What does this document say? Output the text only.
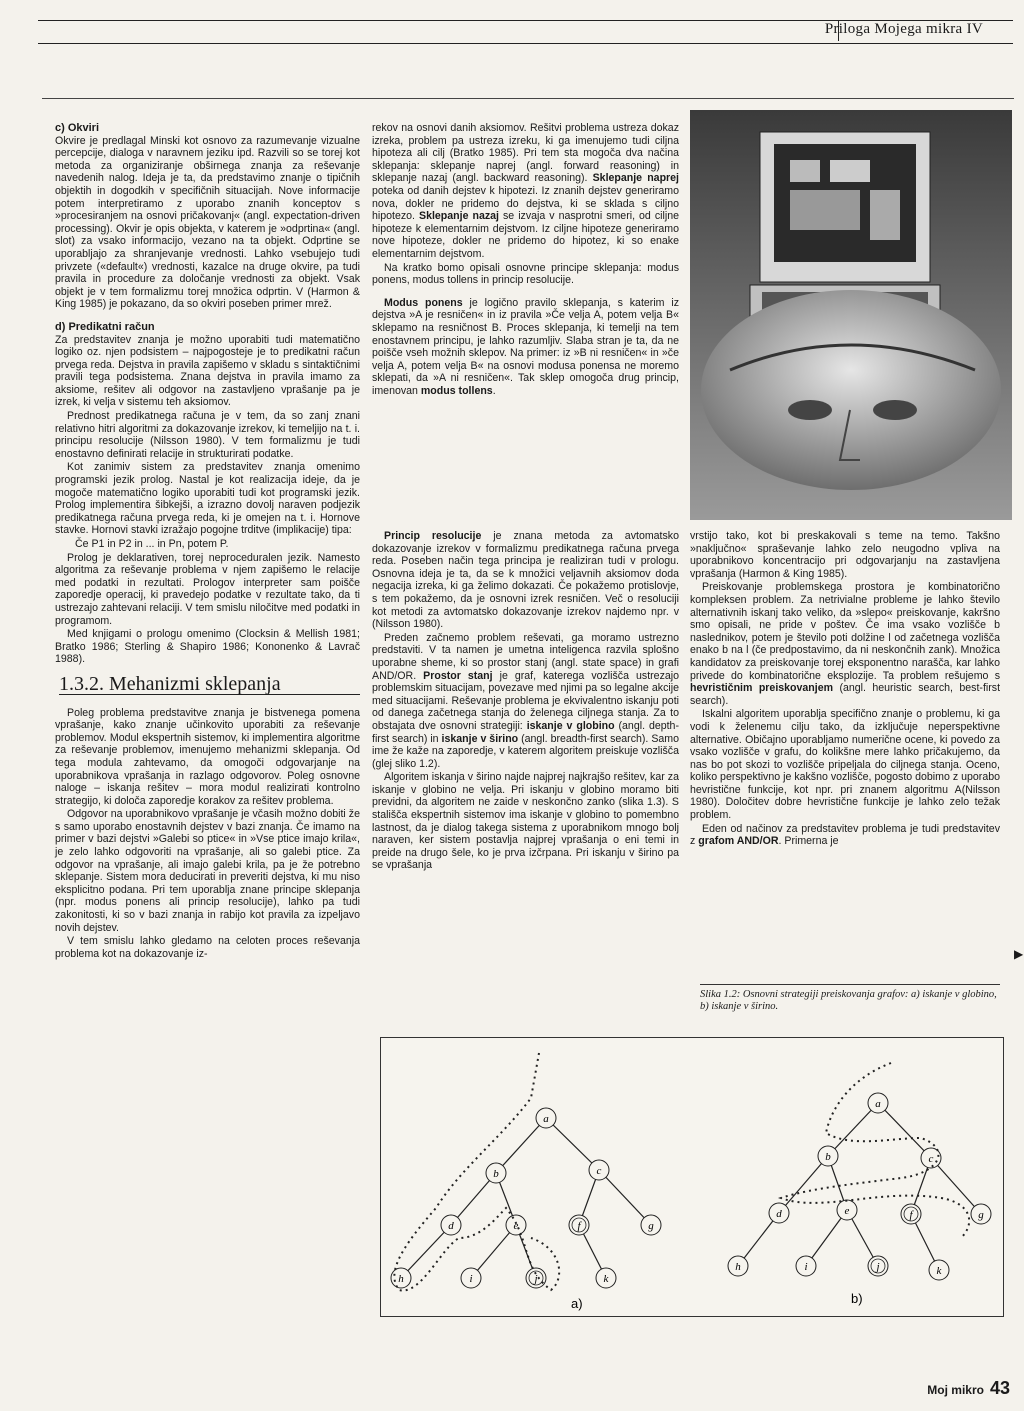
Priloga Mojega mikra IV
c) Okviri

Okvire je predlagal Minski kot osnovo za razumevanje vizualne percepcije, dialoga v naravnem jeziku ipd. Razvili so se torej kot metoda za organiziranje obširnega znanja za reševanje navedenih nalog. Ideja je ta, da predstavimo znanje o tipičnih objektih in dogodkih v specifičnih situacijah. Nove informacije potem interpretiramo z uporabo znanih konceptov s »procesiranjem na osnovi pričakovanj« (angl. expectation-driven processing). Okvir je opis objekta, v katerem je »odprtina« (angl. slot) za vsako informacijo, vezano na ta objekt. Odprtine se uporabljajo za shranjevanje vrednosti. Lahko vsebujejo tudi privzete («default«) vrednosti, kazalce na druge okvire, pa tudi pravila in procedure za določanje vrednosti za objekt. Vsak objekt je v tem formalizmu torej množica odprtin. V (Harmon & King 1985) je pokazano, da so okviri poseben primer mrež.

d) Predikatni račun

Za predstavitev znanja je možno uporabiti tudi matematično logiko oz. njen podsistem – najpogosteje je to predikatni račun prvega reda. Dejstva in pravila zapišemo v skladu s sintaktičnimi pravili tega podsistema. Znana dejstva in pravila imamo za aksiome, rešitev ali odgovor na zastavljeno vprašanje pa je izrek, ki velja v sistemu teh aksiomov.

Prednost predikatnega računa je v tem, da so zanj znani relativno hitri algoritmi za dokazovanje izrekov, ki temeljijo na t. i. principu resolucije (Nilsson 1980). V tem formalizmu je tudi enostavno definirati relacije in strukturirati podatke.

Kot zanimiv sistem za predstavitev znanja omenimo programski jezik prolog. Nastal je kot realizacija ideje, da je mogoče matematično logiko uporabiti tudi kot programski jezik. Prolog implementira šibkejši, a izrazno dovolj naraven podjezik predikatnega računa prvega reda, ki je omejen na t. i. Hornove stavke. Hornovi stavki izražajo pogojne trditve (implikacije) tipa:

Če P1 in P2 in ... in Pn, potem P.

Prolog je deklarativen, torej neproceduralen jezik. Namesto algoritma za reševanje problema v njem zapišemo le relacije med podatki in rezultati. Prologov interpreter sam poišče zaporedje operacij, ki pravedejo podatke v rezultate tako, da ti ustrezajo zahtevani relaciji. V tem smislu niločitve med podatki in programom.

Med knjigami o prologu omenimo (Clocksin & Mellish 1981; Bratko 1986; Sterling & Shapiro 1986; Kononenko & Lavrač 1988).

1.3.2. Mehanizmi sklepanja

Poleg problema predstavitve znanja je bistvenega pomena vprašanje, kako znanje učinkovito uporabiti za reševanje problemov. Modul ekspertnih sistemov, ki implementira algoritme za reševanje problemov, imenujemo mehanizmi sklepanja. Od tega modula zahtevamo, da omogoči odgovarjanje na uporabnikova vprašanja in razlago odgovorov. Poleg osnovne naloge – iskanja rešitev – mora modul realizirati kontrolno strategijo, ki določa zaporedje korakov za rešitev problema.

Odgovor na uporabnikovo vprašanje je včasih možno dobiti že s samo uporabo enostavnih dejstev v bazi znanja. Če imamo na primer v bazi dejstvi »Galebi so ptice« in »Vse ptice imajo krila«, je zelo lahko odgovoriti na vprašanje, ali so galebi ptice. Za odgovor na vprašanje, ali imajo galebi krila, pa je že potrebno sklepanje. Sistem mora deducirati in preveriti dejstva, ki mu niso eksplicitno podana. Pri tem uporablja znane principe sklepanja (npr. modus ponens ali princip resolucije), lahko pa tudi zakonitosti, ki so v bazi znanja in rabijo kot pravila za izpeljavo novih dejstev.

V tem smislu lahko gledamo na celoten proces reševanja problema kot na dokazovanje iz-

rekov na osnovi danih aksiomov. Rešitvi problema ustreza dokaz izreka, problem pa ustreza izreku, ki ga imenujemo tudi ciljna hipoteza ali cilj (Bratko 1985). Pri tem sta mogoča dva načina sklepanja: sklepanje naprej (angl. forward reasoning) in sklepanje nazaj (angl. backward reasoning). Sklepanje naprej poteka od danih dejstev k hipotezi. Iz znanih dejstev generiramo nova, dokler ne pridemo do dejstva, ki se sklada s ciljno hipotezo. Sklepanje nazaj se izvaja v nasprotni smeri, od ciljne hipoteze k elementarnim dejstvom. Iz ciljne hipoteze generiramo nove hipoteze, dokler ne pridemo do hipotez, ki so enake elementarnim dejstvom.

Na kratko bomo opisali osnovne principe sklepanja: modus ponens, modus tollens in princip resolucije.

Modus ponens je logično pravilo sklepanja, s katerim iz dejstva »A je resničen« in iz pravila »Če velja A, potem velja B« sklepamo na resničnost B. Proces sklepanja, ki temelji na tem enostavnem principu, je lahko razumljiv. Slaba stran je ta, da ne poišče vseh možnih sklepov. Na primer: iz »B ni resničen« in »če velja A, potem velja B« na osnovi modusa ponensa ne moremo sklepati, da »A ni resničen«. Tak sklep omogoča drug princip, imenovan modus tollens.

Princip resolucije je znana metoda za avtomatsko dokazovanje izrekov v formalizmu predikatnega računa prvega reda. Poseben način tega principa je realiziran tudi v prologu. Osnovna ideja je ta, da se k množici veljavnih aksiomov doda negacija izreka, ki ga želimo dokazati. Če pokažemo protislovje, s tem pokažemo, da je osnovni izrek resničen. Več o resoluciji kot metodi za avtomatsko dokazovanje izrekov najdemo npr. v (Nilsson 1980).

Preden začnemo problem reševati, ga moramo ustrezno predstaviti. V ta namen je umetna inteligenca razvila splošno uporabne sheme, ki so prostor stanj (angl. state space) in grafi AND/OR. Prostor stanj je graf, katerega vozlišča ustrezajo problemskim situacijam, povezave med njimi pa so legalne akcije med situacijami. Reševanje problema je ekvivalentno iskanju poti od danega začetnega stanja do želenega ciljnega stanja. Za to obstajata dve osnovni strategiji: iskanje v globino (angl. depth-first search) in iskanje v širino (angl. breadth-first search). Samo ime že kaže na zaporedje, v katerem algoritem preiskuje vozlišča (glej sliko 1.2).

Algoritem iskanja v širino najde najprej najkrajšo rešitev, kar za iskanje v globino ne velja. Pri iskanju v globino moramo biti previdni, da algoritem ne zaide v neskončno zanko (slika 1.3). S stališča ekspertnih sistemov ima iskanje v globino to pomembno lastnost, da je dialog takega sistema z uporabnikom mnogo bolj naraven, ker sistem postavlja najprej vprašanja o eni temi in preide na drugo šele, ko je prva izčrpana. Pri iskanju v širino pa se vprašanja

vrstijo tako, kot bi preskakovali s teme na temo. Takšno »naključno« spraševanje lahko zelo neugodno vpliva na uporabnikovo koncentracijo pri odgovarjanju na zastavljena vprašanja (Harmon & King 1985).

Preiskovanje problemskega prostora je kombinatorično kompleksen problem. Za netrivialne probleme je lahko število alternativnih iskanj tako veliko, da »slepo« preiskovanje, kakršno smo opisali, ne pride v poštev. Če ima vsako vozlišče b naslednikov, potem je število poti dolžine l od začetnega vozlišča enako b na l (če predpostavimo, da ni neskončnih zank). Množica kandidatov za preiskovanje torej eksponentno narašča, kar lahko privede do kombinatorične eksplozije. Ta problem rešujemo s hevrističnim preiskovanjem (angl. heuristic search, best-first search).

Iskalni algoritem uporablja specifično znanje o problemu, ki ga vodi k želenemu cilju tako, da izključuje neperspektivne alternative. Običajno uporabljamo numerične ocene, ki povedo za vsako vozlišče v grafu, do kolikšne mere lahko pričakujemo, da nas bo pot skozi to vozlišče pripeljala do ciljnega stanja. Oceno, koliko perspektivno je kakšno vozlišče, pogosto dobimo z uporabo hevristične funkcije, kot npr. pri znanem algoritmu A(Nilsson 1980). Določitev dobre hevristične funkcije je lahko zelo težak problem.

Eden od načinov za predstavitev problema je tudi predstavitev z grafom AND/OR. Primerna je

▶
Slika 1.2: Osnovni strategiji preiskovanja grafov: a) iskanje v globino, b) iskanje v širino.
a
b	c
d	e	f	g
h	i	j	k
a
b	c
d	e	f	g
h	i	j	k
a)	b)
Moj mikro 43
